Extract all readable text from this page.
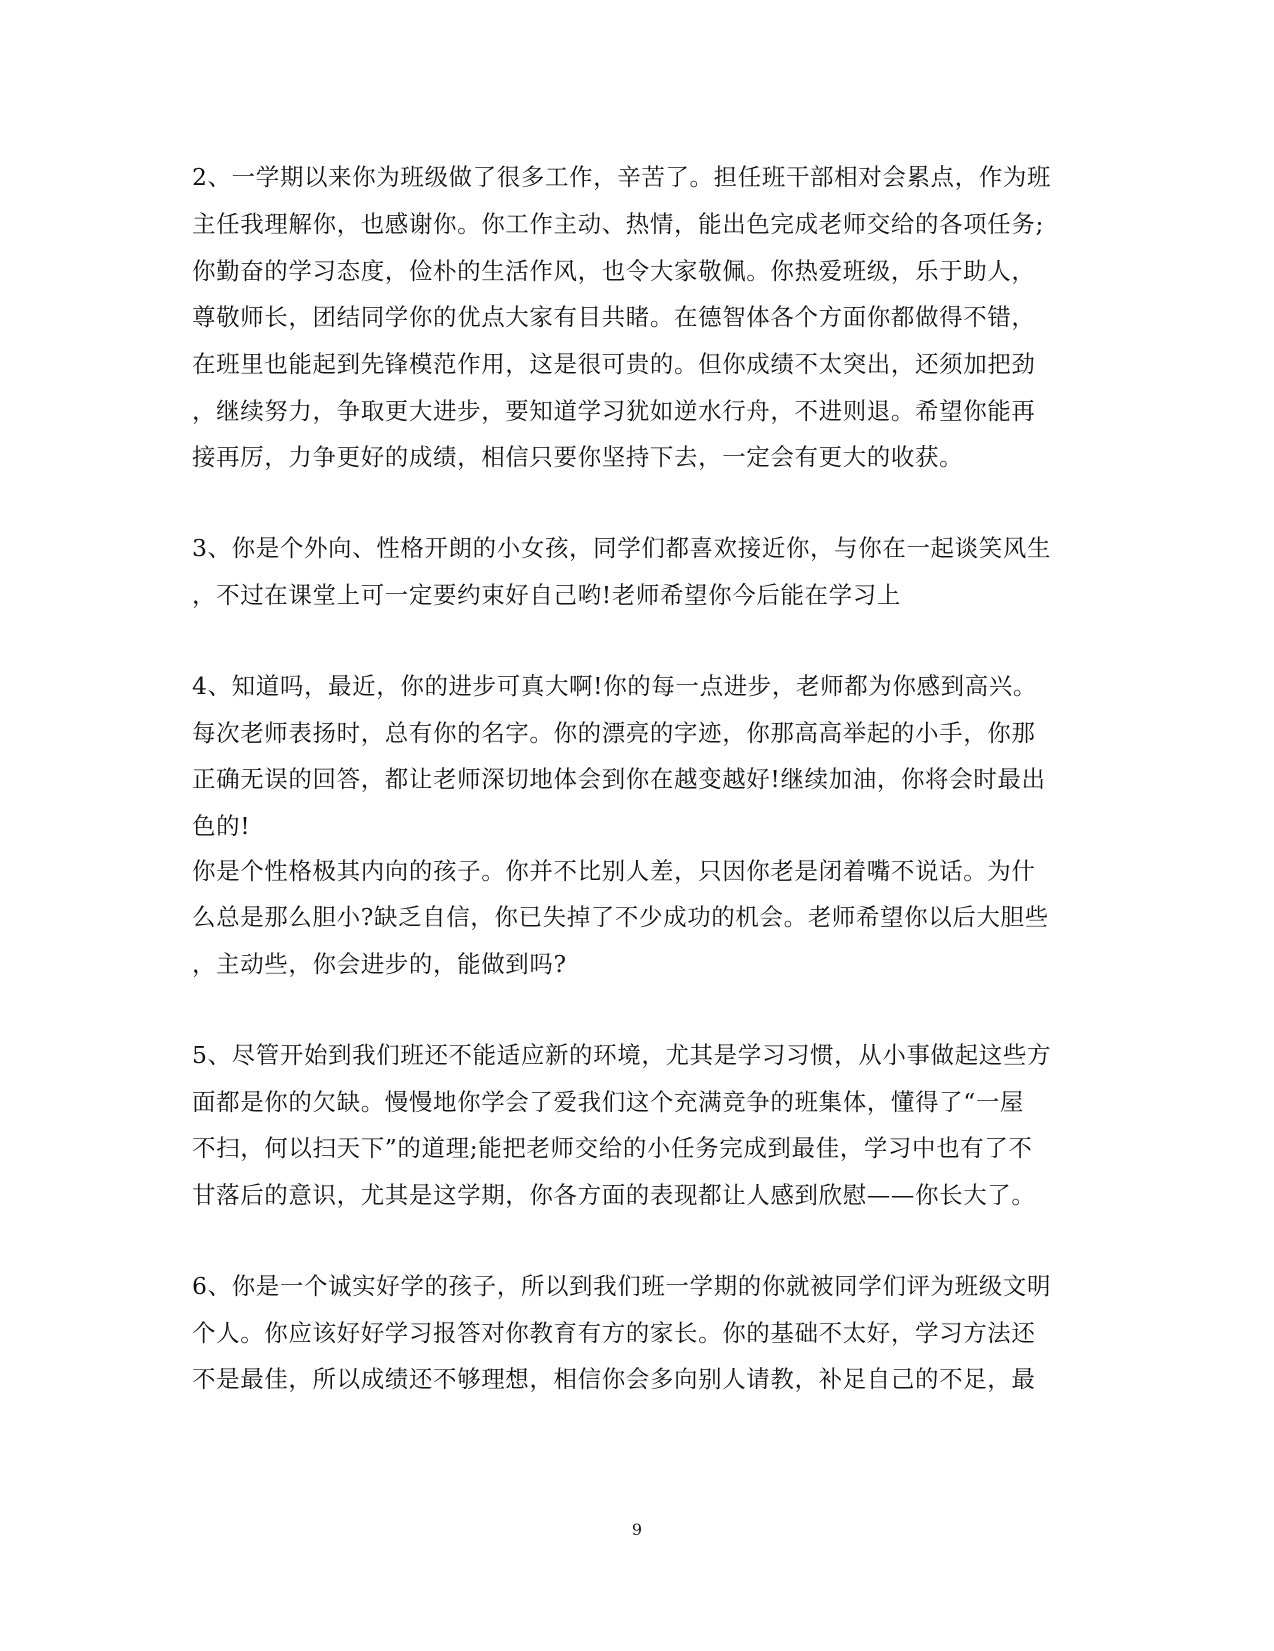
2、一学期以来你为班级做了很多工作，辛苦了。担任班干部相对会累点，作为班
主任我理解你，也感谢你。你工作主动、热情，能出色完成老师交给的各项任务;
你勤奋的学习态度，俭朴的生活作风，也令大家敬佩。你热爱班级，乐于助人，
尊敬师长，团结同学你的优点大家有目共睹。在德智体各个方面你都做得不错，
在班里也能起到先锋模范作用，这是很可贵的。但你成绩不太突出，还须加把劲
，继续努力，争取更大进步，要知道学习犹如逆水行舟，不进则退。希望你能再
接再厉，力争更好的成绩，相信只要你坚持下去，一定会有更大的收获。
3、你是个外向、性格开朗的小女孩，同学们都喜欢接近你，与你在一起谈笑风生
，不过在课堂上可一定要约束好自己哟!老师希望你今后能在学习上
4、知道吗，最近，你的进步可真大啊!你的每一点进步，老师都为你感到高兴。
每次老师表扬时，总有你的名字。你的漂亮的字迹，你那高高举起的小手，你那
正确无误的回答，都让老师深切地体会到你在越变越好!继续加油，你将会时最出
色的!
你是个性格极其内向的孩子。你并不比别人差，只因你老是闭着嘴不说话。为什
么总是那么胆小?缺乏自信，你已失掉了不少成功的机会。老师希望你以后大胆些
，主动些，你会进步的，能做到吗?
5、尽管开始到我们班还不能适应新的环境，尤其是学习习惯，从小事做起这些方
面都是你的欠缺。慢慢地你学会了爱我们这个充满竞争的班集体，懂得了“一屋
不扫，何以扫天下”的道理;能把老师交给的小任务完成到最佳，学习中也有了不
甘落后的意识，尤其是这学期，你各方面的表现都让人感到欣慰——你长大了。
6、你是一个诚实好学的孩子，所以到我们班一学期的你就被同学们评为班级文明
个人。你应该好好学习报答对你教育有方的家长。你的基础不太好，学习方法还
不是最佳，所以成绩还不够理想，相信你会多向别人请教，补足自己的不足，最
9
